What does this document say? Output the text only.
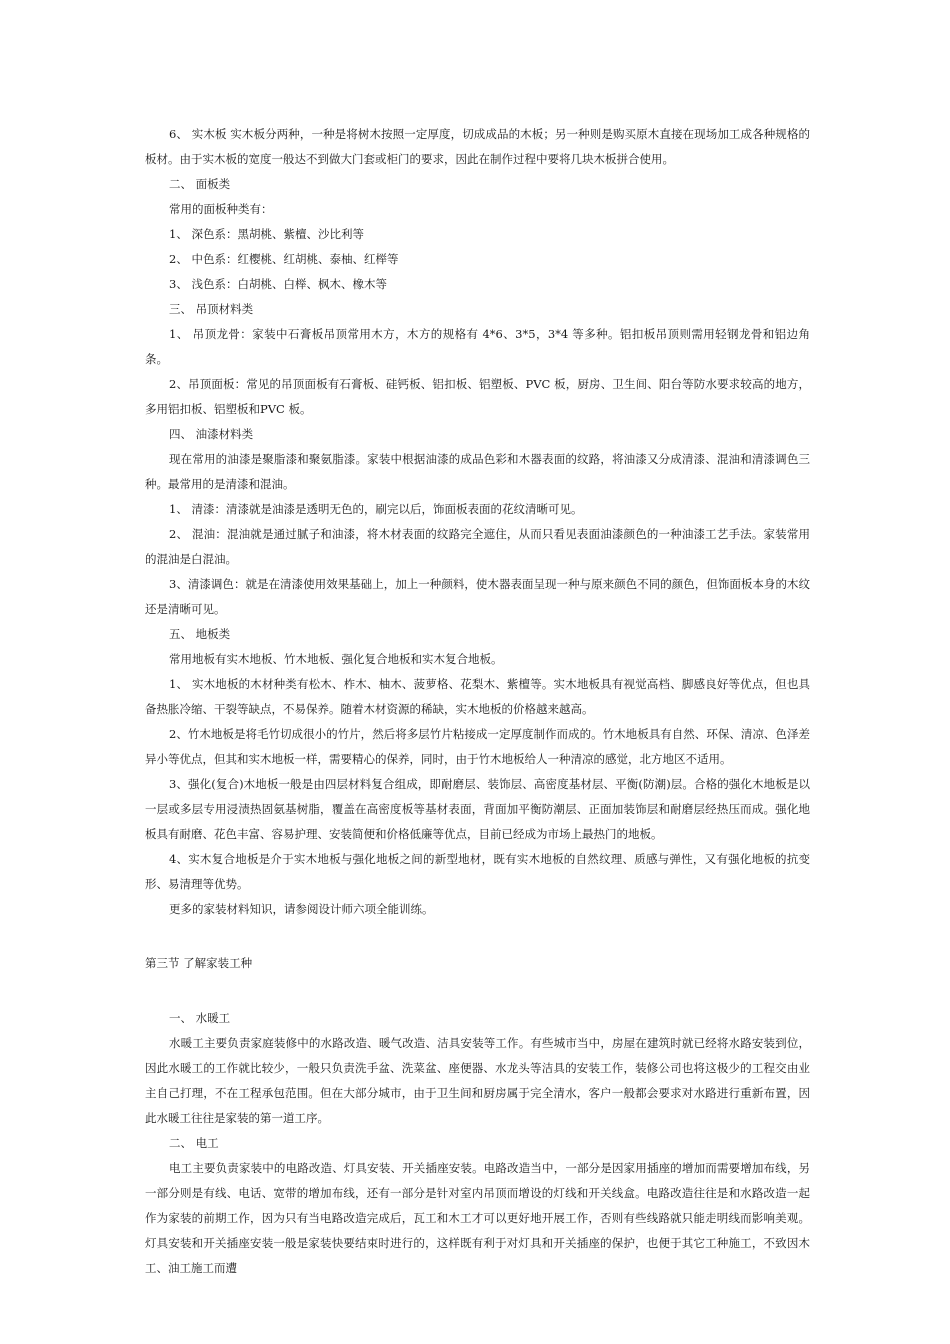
6、 实木板 实木板分两种，一种是将树木按照一定厚度，切成成品的木板；另一种则是购买原木直接在现场加工成各种规格的板材。由于实木板的宽度一般达不到做大门套或柜门的要求，因此在制作过程中要将几块木板拼合使用。

二、 面板类

常用的面板种类有：

1、 深色系：黑胡桃、紫檀、沙比利等

2、 中色系：红樱桃、红胡桃、泰柚、红榉等

3、 浅色系：白胡桃、白榉、枫木、橡木等

三、 吊顶材料类

1、 吊顶龙骨：家装中石膏板吊顶常用木方，木方的规格有 4*6、3*5，3*4 等多种。铝扣板吊顶则需用轻钢龙骨和铝边角条。

2、吊顶面板：常见的吊顶面板有石膏板、硅钙板、铝扣板、铝塑板、PVC 板，厨房、卫生间、阳台等防水要求较高的地方，多用铝扣板、铝塑板和PVC 板。

四、 油漆材料类

现在常用的油漆是聚脂漆和聚氨脂漆。家装中根据油漆的成品色彩和木器表面的纹路，将油漆又分成清漆、混油和清漆调色三种。最常用的是清漆和混油。

1、 清漆：清漆就是油漆是透明无色的，刷完以后，饰面板表面的花纹清晰可见。

2、 混油：混油就是通过腻子和油漆，将木材表面的纹路完全遮住，从而只看见表面油漆颜色的一种油漆工艺手法。家装常用的混油是白混油。

3、清漆调色：就是在清漆使用效果基础上，加上一种颜料，使木器表面呈现一种与原来颜色不同的颜色，但饰面板本身的木纹还是清晰可见。

五、 地板类

常用地板有实木地板、竹木地板、强化复合地板和实木复合地板。

1、 实木地板的木材种类有松木、柞木、柚木、菠萝格、花梨木、紫檀等。实木地板具有视觉高档、脚感良好等优点，但也具备热胀冷缩、干裂等缺点，不易保养。随着木材资源的稀缺，实木地板的价格越来越高。

2、竹木地板是将毛竹切成很小的竹片，然后将多层竹片粘接成一定厚度制作而成的。竹木地板具有自然、环保、清凉、色泽差异小等优点，但其和实木地板一样，需要精心的保养，同时，由于竹木地板给人一种清凉的感觉，北方地区不适用。

3、强化(复合)木地板一般是由四层材料复合组成，即耐磨层、装饰层、高密度基材层、平衡(防潮)层。合格的强化木地板是以一层或多层专用浸渍热固氨基树脂，覆盖在高密度板等基材表面，背面加平衡防潮层、正面加装饰层和耐磨层经热压而成。强化地板具有耐磨、花色丰富、容易护理、安装简便和价格低廉等优点，目前已经成为市场上最热门的地板。

4、实木复合地板是介于实木地板与强化地板之间的新型地材，既有实木地板的自然纹理、质感与弹性，又有强化地板的抗变形、易清理等优势。

更多的家装材料知识，请参阅设计师六项全能训练。

第三节 了解家装工种

一、 水暖工

水暖工主要负责家庭装修中的水路改造、暖气改造、洁具安装等工作。有些城市当中，房屋在建筑时就已经将水路安装到位，因此水暖工的工作就比较少，一般只负责洗手盆、洗菜盆、座便器、水龙头等洁具的安装工作，装修公司也将这极少的工程交由业主自己打理，不在工程承包范围。但在大部分城市，由于卫生间和厨房属于完全清水，客户一般都会要求对水路进行重新布置，因此水暖工往往是家装的第一道工序。

二、 电工

电工主要负责家装中的电路改造、灯具安装、开关插座安装。电路改造当中，一部分是因家用插座的增加而需要增加布线，另一部分则是有线、电话、宽带的增加布线，还有一部分是针对室内吊顶而增设的灯线和开关线盒。电路改造往往是和水路改造一起作为家装的前期工作，因为只有当电路改造完成后，瓦工和木工才可以更好地开展工作，否则有些线路就只能走明线而影响美观。灯具安装和开关插座安装一般是家装快要结束时进行的，这样既有利于对灯具和开关插座的保护，也便于其它工种施工，不致因木工、油工施工而遭
